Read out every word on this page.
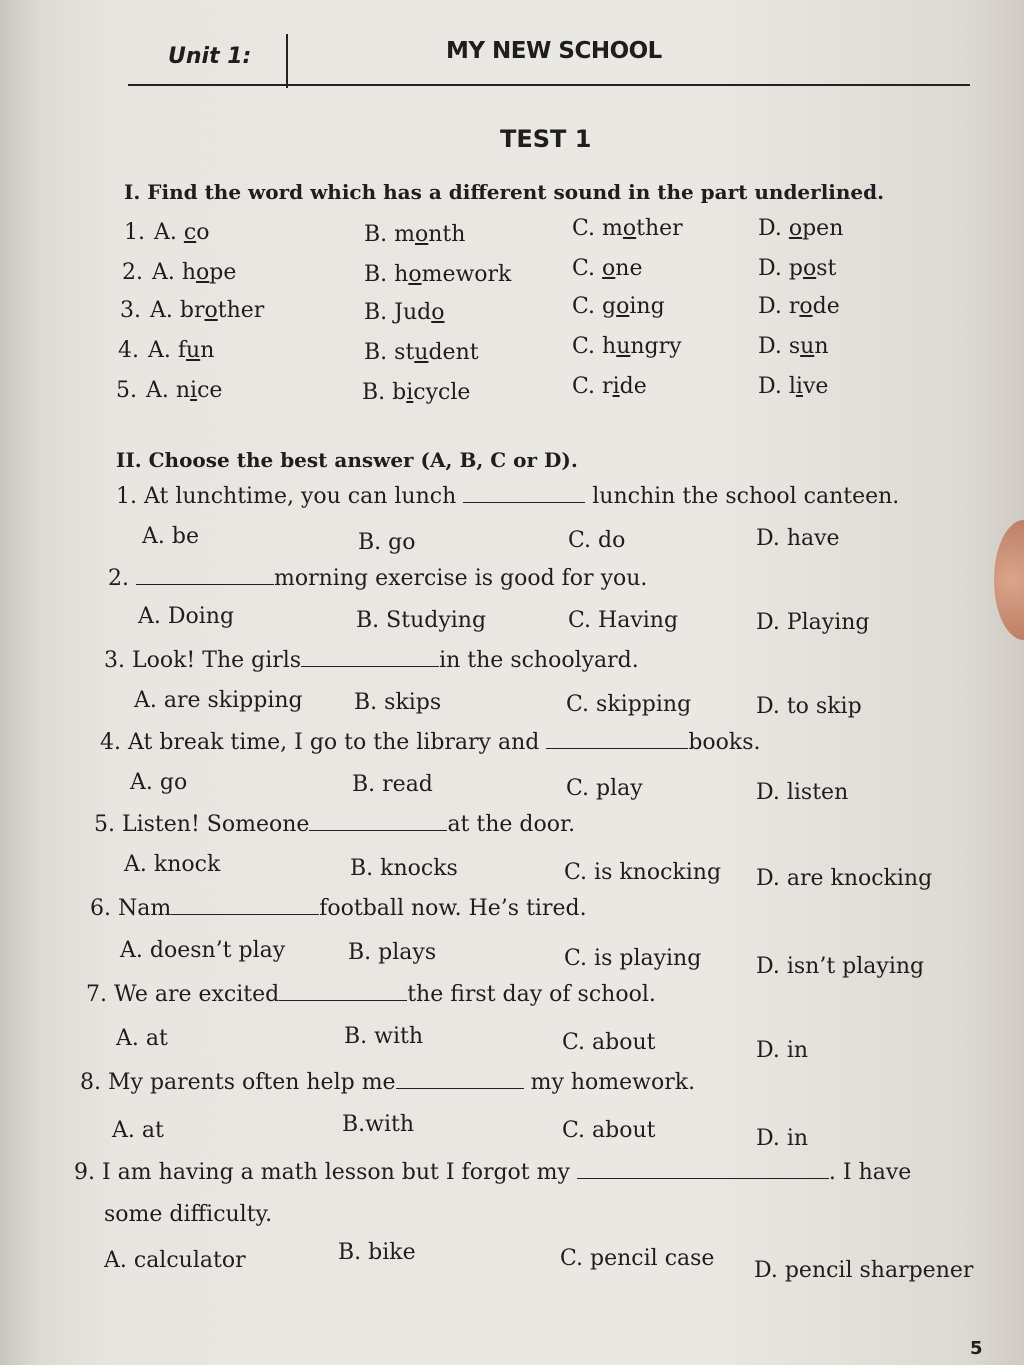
Unit 1:	MY NEW SCHOOL
TEST 1
I. Find the word which has a different sound in the part underlined.
1. A. co	B. month	C. mother	D. open
2. A. hope	B. homework	C. one	D. post
3. A. brother	B. Judo	C. going	D. rode
4. A. fun	B. student	C. hungry	D. sun
5. A. nice	B. bicycle	C. ride	D. live
II. Choose the best answer (A, B, C or D).
1. At lunchtime, you can lunch	lunchin the school canteen.
A. be	B. go	C. do	D. have
2.	morning exercise is good for you.
A. Doing	B. Studying	C. Having	D. Playing
3. Look! The girls	in the schoolyard.
A. are skipping B. skips	C. skipping	D. to skip
4. At break time, I go to the library and	books.
A. go	B. read	C. play	D. listen
5. Listen! Someone	at the door.
A. knock	B. knocks	C. is knocking D. are knocking
6. Nam	football now. He’s tired.
A. doesn’t play	B. plays	C. is playing D. isn’t playing
7. We are excited	the first day of school.
A. at	B. with	C. about	D. in
8. My parents often help me	my homework.
A. at	B.with	C. about	D. in
9. I am having a math lesson but I forgot my	. I have
some difficulty.
A. calculator	B. bike	C. pencil case D. pencil sharpener
5
